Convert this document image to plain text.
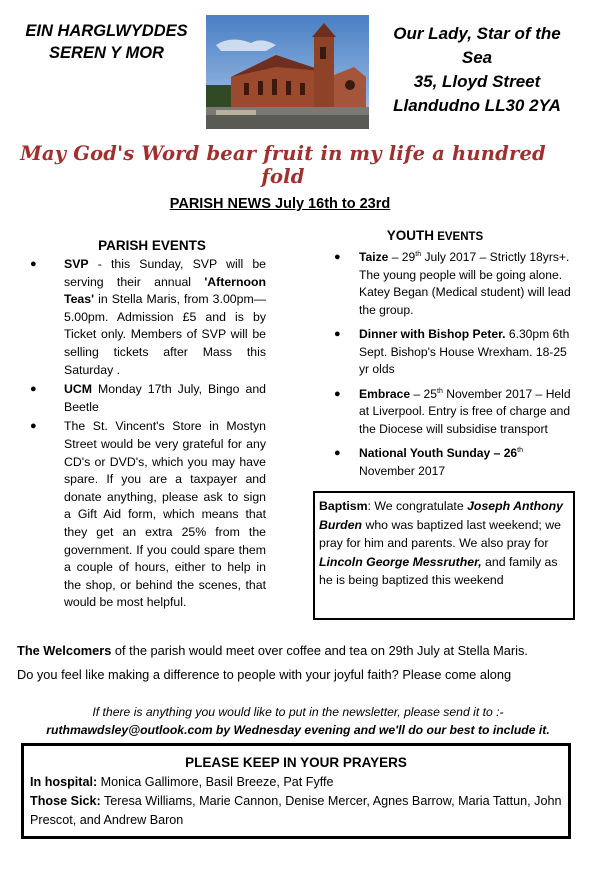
EIN HARGLWYDDES
SEREN Y MOR
Our Lady, Star of the
Sea
35, Lloyd Street
Llandudno LL30 2YA
May God's Word bear fruit in my life a hundred fold
PARISH NEWS July 16th to 23rd
PARISH EVENTS
● SVP - this Sunday, SVP will be serving their annual 'Afternoon Teas' in Stella Maris, from 3.00pm—5.00pm. Admission £5 and is by Ticket only. Members of SVP will be selling tickets after Mass this Saturday .
● UCM Monday 17th July, Bingo and Beetle
● The St. Vincent's Store in Mostyn Street would be very grateful for any CD's or DVD's, which you may have spare. If you are a taxpayer and donate anything, please ask to sign a Gift Aid form, which means that they get an extra 25% from the government. If you could spare them a couple of hours, either to help in the shop, or behind the scenes, that would be most helpful.
YOUTH EVENTS
● Taize – 29th July 2017 – Strictly 18yrs+. The young people will be going alone. Katey Began (Medical student) will lead the group.
● Dinner with Bishop Peter. 6.30pm 6th Sept. Bishop's House Wrexham. 18-25 yr olds
● Embrace – 25th November 2017 – Held at Liverpool. Entry is free of charge and the Diocese will subsidise transport
● National Youth Sunday – 26th November 2017
Baptism: We congratulate Joseph Anthony Burden who was baptized last weekend; we pray for him and parents. We also pray for Lincoln George Messruther, and family as he is being baptized this weekend
The Welcomers of the parish would meet over coffee and tea on 29th July at Stella Maris.
Do you feel like making a difference to people with your joyful faith? Please come along
If there is anything you would like to put in the newsletter, please send it to :-
ruthmawdsley@outlook.com by Wednesday evening and we'll do our best to include it.
PLEASE KEEP IN YOUR PRAYERS
In hospital: Monica Gallimore, Basil Breeze, Pat Fyffe
Those Sick: Teresa Williams, Marie Cannon, Denise Mercer, Agnes Barrow, Maria Tattun, John Prescot, and Andrew Baron
